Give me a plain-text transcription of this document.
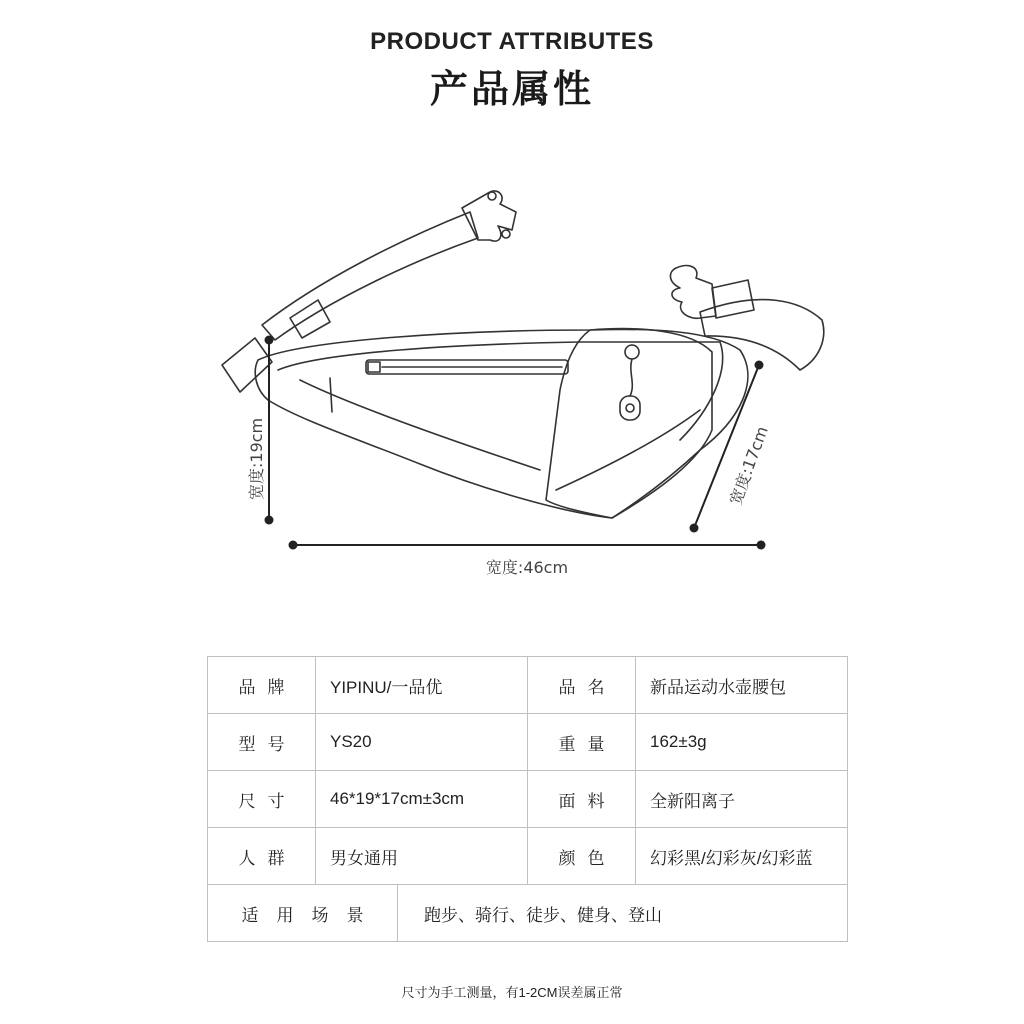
PRODUCT ATTRIBUTES
产品属性
宽度:19cm	宽度:17cm
宽度:46cm
品牌	YIPINU/一品优		品名	新品运动水壶腰包
型号	YS20		重量	162±3g
尺寸	46*19*17cm±3cm		面料	全新阳离子
人群	男女通用		颜色	幻彩黑/幻彩灰/幻彩蓝
适用场景		跑步、骑行、徒步、健身、登山		
尺寸为手工测量，有1-2CM误差属正常
